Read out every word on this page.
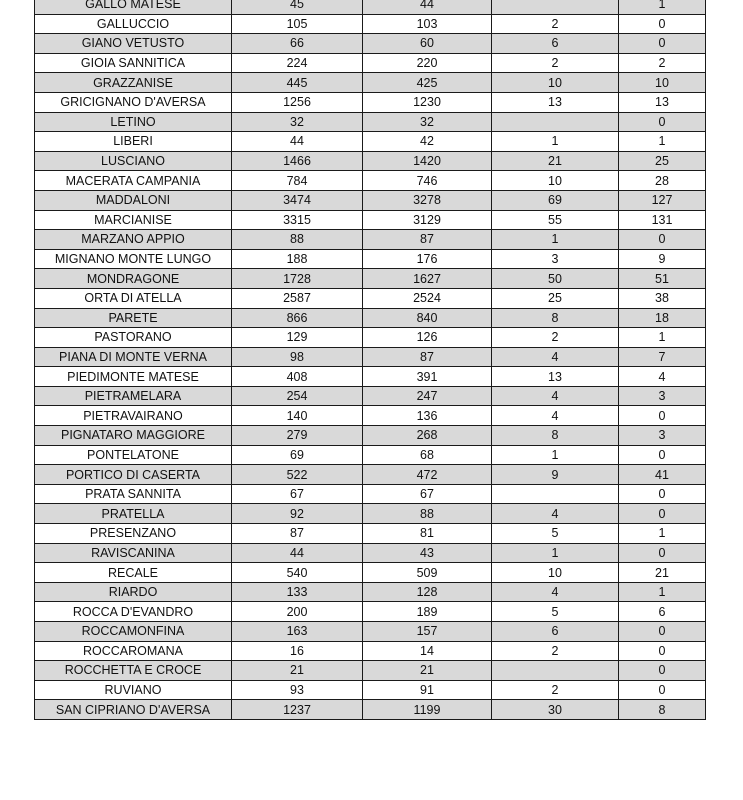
GALLO MATESE	45	44		1
GALLUCCIO	105	103	2	0
GIANO VETUSTO	66	60	6	0
GIOIA SANNITICA	224	220	2	2
GRAZZANISE	445	425	10	10
GRICIGNANO D'AVERSA	1256	1230	13	13
LETINO	32	32		0
LIBERI	44	42	1	1
LUSCIANO	1466	1420	21	25
MACERATA CAMPANIA	784	746	10	28
MADDALONI	3474	3278	69	127
MARCIANISE	3315	3129	55	131
MARZANO APPIO	88	87	1	0
MIGNANO MONTE LUNGO	188	176	3	9
MONDRAGONE	1728	1627	50	51
ORTA DI ATELLA	2587	2524	25	38
PARETE	866	840	8	18
PASTORANO	129	126	2	1
PIANA DI MONTE VERNA	98	87	4	7
PIEDIMONTE MATESE	408	391	13	4
PIETRAMELARA	254	247	4	3
PIETRAVAIRANO	140	136	4	0
PIGNATARO MAGGIORE	279	268	8	3
PONTELATONE	69	68	1	0
PORTICO DI CASERTA	522	472	9	41
PRATA SANNITA	67	67		0
PRATELLA	92	88	4	0
PRESENZANO	87	81	5	1
RAVISCANINA	44	43	1	0
RECALE	540	509	10	21
RIARDO	133	128	4	1
ROCCA D'EVANDRO	200	189	5	6
ROCCAMONFINA	163	157	6	0
ROCCAROMANA	16	14	2	0
ROCCHETTA E CROCE	21	21		0
RUVIANO	93	91	2	0
SAN CIPRIANO D'AVERSA	1237	1199	30	8
